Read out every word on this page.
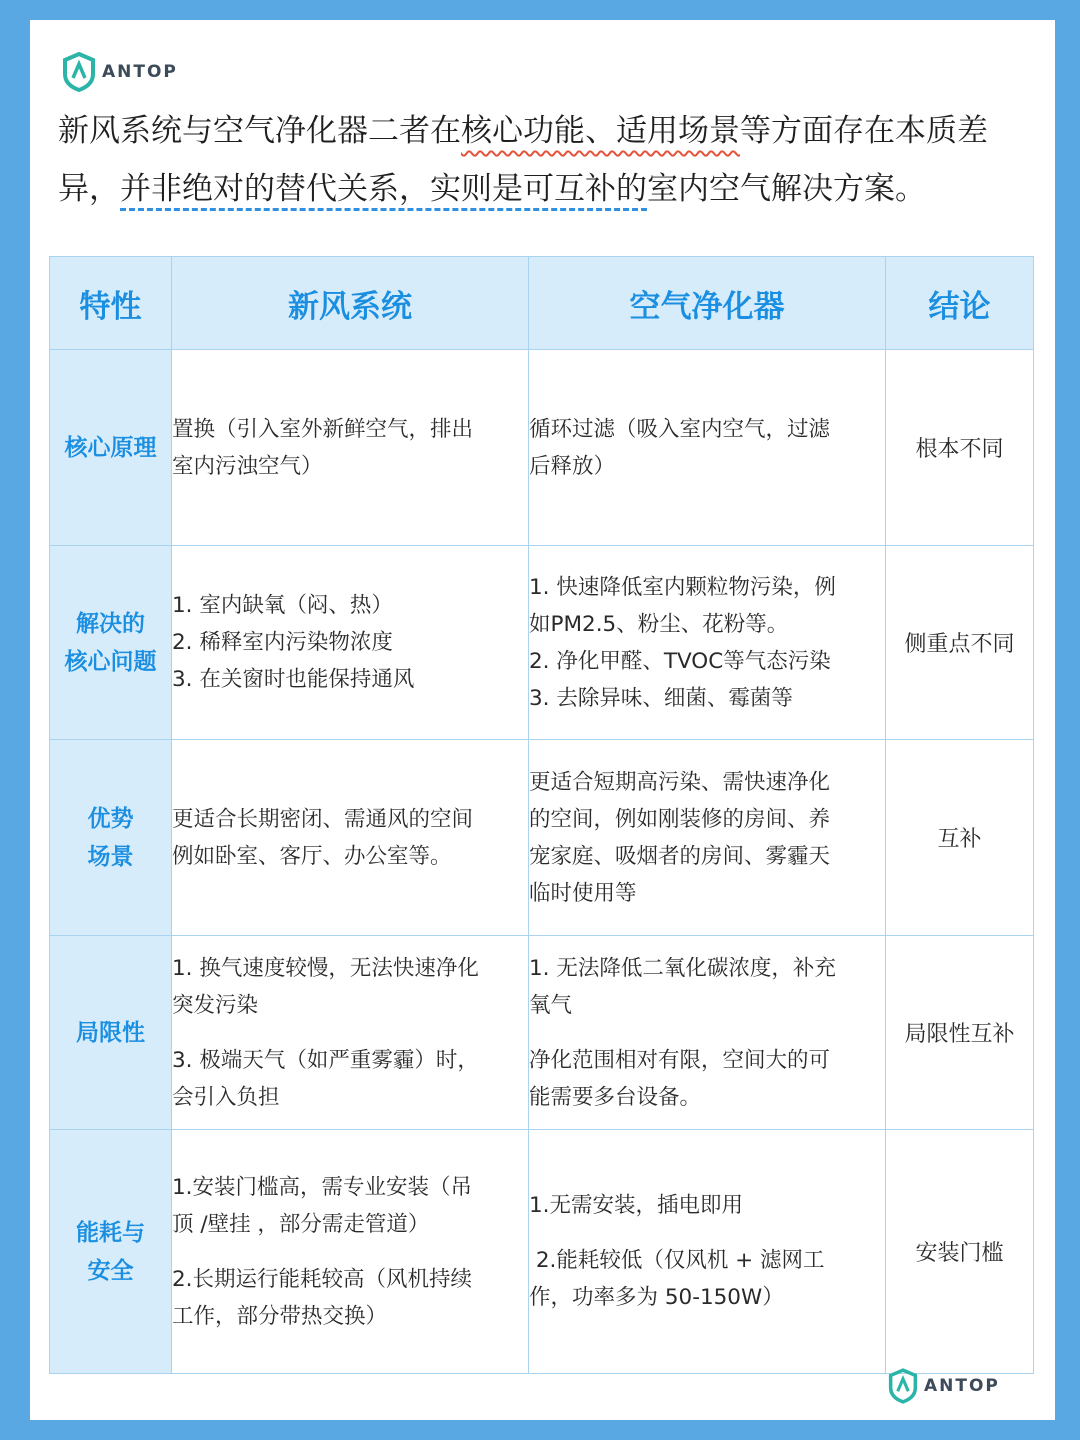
ANTOP
新风系统与空气净化器二者在核心功能、适用场景等方面存在本质差异，并非绝对的替代关系，实则是可互补的室内空气解决方案。
特性	新风系统	空气净化器	结论

核心原理	置换（引入室外新鲜空气，排出
室内污浊空气）	循环过滤（吸入室内空气，过滤
后释放）	根本不同

解决的
核心问题	1. 室内缺氧（闷、热）
2. 稀释室内污染物浓度
3. 在关窗时也能保持通风	1. 快速降低室内颗粒物污染，例
如PM2.5、粉尘、花粉等。
2. 净化甲醛、TVOC等气态污染
3. 去除异味、细菌、霉菌等	侧重点不同

优势
场景	更适合长期密闭、需通风的空间
例如卧室、客厅、办公室等。	更适合短期高污染、需快速净化
的空间，例如刚装修的房间、养
宠家庭、吸烟者的房间、雾霾天
临时使用等	互补

局限性	1. 换气速度较慢，无法快速净化
突发污染
3. 极端天气（如严重雾霾）时，
会引入负担	1. 无法降低二氧化碳浓度，补充
氧气
净化范围相对有限，空间大的可
能需要多台设备。	局限性互补

能耗与
安全	1.安装门槛高，需专业安装（吊
顶 /壁挂 ，部分需走管道）
2.长期运行能耗较高（风机持续
工作，部分带热交换）	1.无需安装，插电即用
2.能耗较低（仅风机 + 滤网工
作，功率多为 50-150W）	安装门槛
ANTOP
